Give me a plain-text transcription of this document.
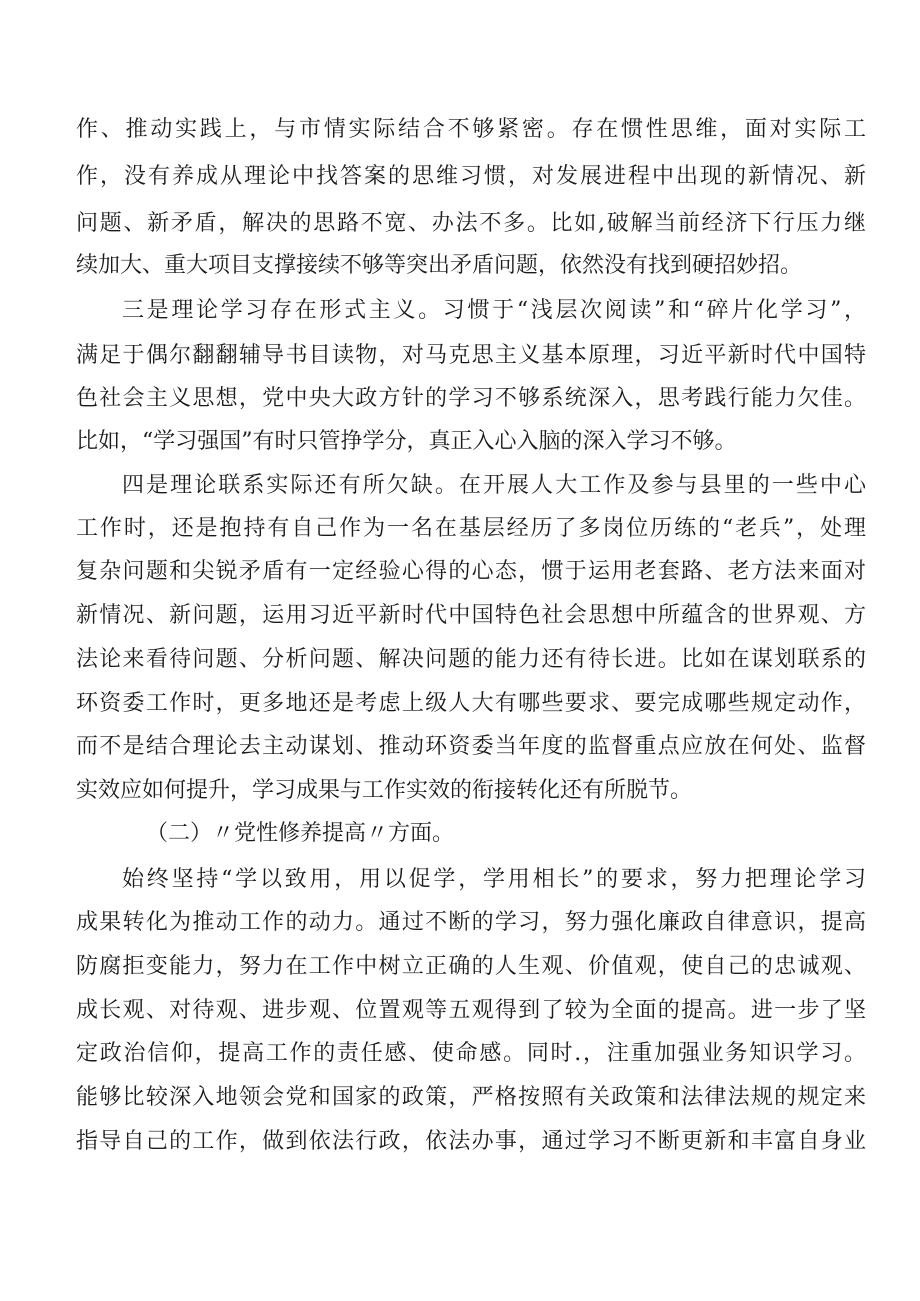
作、推动实践上，与市情实际结合不够紧密。存在惯性思维，面对实际工
作，没有养成从理论中找答案的思维习惯，对发展进程中出现的新情况、新
问题、新矛盾，解决的思路不宽、办法不多。比如,破解当前经济下行压力继
续加大、重大项目支撑接续不够等突出矛盾问题，依然没有找到硬招妙招。
三是理论学习存在形式主义。习惯于“浅层次阅读”和“碎片化学习”，
满足于偶尔翻翻辅导书目读物，对马克思主义基本原理，习近平新时代中国特
色社会主义思想，党中央大政方针的学习不够系统深入，思考践行能力欠佳。
比如，“学习强国”有时只管挣学分，真正入心入脑的深入学习不够。
四是理论联系实际还有所欠缺。在开展人大工作及参与县里的一些中心
工作时，还是抱持有自己作为一名在基层经历了多岗位历练的“老兵”，处理
复杂问题和尖锐矛盾有一定经验心得的心态，惯于运用老套路、老方法来面对
新情况、新问题，运用习近平新时代中国特色社会思想中所蕴含的世界观、方
法论来看待问题、分析问题、解决问题的能力还有待长进。比如在谋划联系的
环资委工作时，更多地还是考虑上级人大有哪些要求、要完成哪些规定动作，
而不是结合理论去主动谋划、推动环资委当年度的监督重点应放在何处、监督
实效应如何提升，学习成果与工作实效的衔接转化还有所脱节。
（二）〃党性修养提高〃方面。
始终坚持“学以致用，用以促学，学用相长”的要求，努力把理论学习
成果转化为推动工作的动力。通过不断的学习，努力强化廉政自律意识，提高
防腐拒变能力，努力在工作中树立正确的人生观、价值观，使自己的忠诚观、
成长观、对待观、进步观、位置观等五观得到了较为全面的提高。进一步了坚
定政治信仰，提高工作的责任感、使命感。同时.，注重加强业务知识学习。
能够比较深入地领会党和国家的政策，严格按照有关政策和法律法规的规定来
指导自己的工作，做到依法行政，依法办事，通过学习不断更新和丰富自身业
